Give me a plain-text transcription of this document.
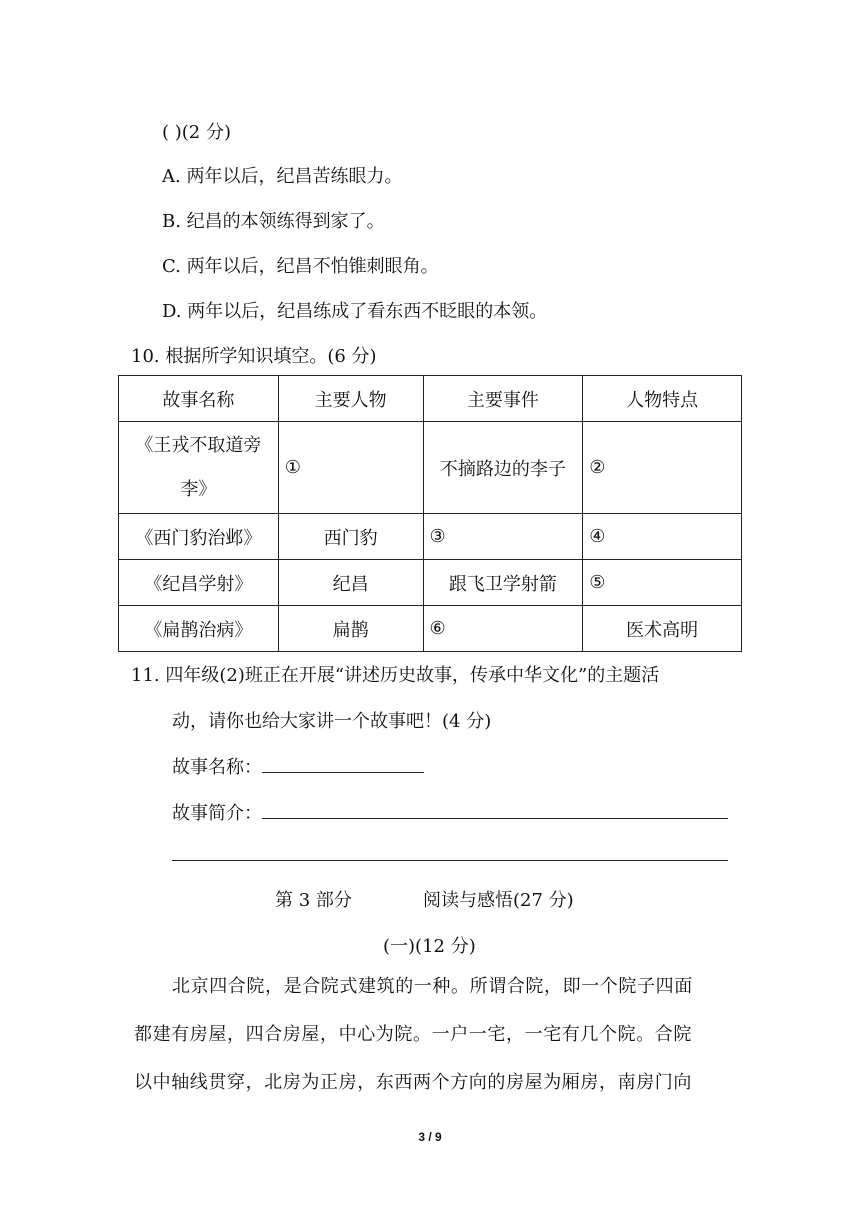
( )(2 分)
A. 两年以后，纪昌苦练眼力。
B. 纪昌的本领练得到家了。
C. 两年以后，纪昌不怕锥刺眼角。
D. 两年以后，纪昌练成了看东西不眨眼的本领。
10. 根据所学知识填空。(6 分)
故事名称	主要人物	主要事件	人物特点

《王戎不取道旁
李》	①	不摘路边的李子	②
《西门豹治邺》	西门豹	③	④
《纪昌学射》	纪昌	跟飞卫学射箭	⑤
《扁鹊治病》	扁鹊	⑥	医术高明
11. 四年级(2)班正在开展“讲述历史故事，传承中华文化”的主题活
动，请你也给大家讲一个故事吧！(4 分)
故事名称：
故事简介：
第 3 部分	阅读与感悟(27 分)
(一)(12 分)
北京四合院，是合院式建筑的一种。所谓合院，即一个院子四面
都建有房屋，四合房屋，中心为院。一户一宅，一宅有几个院。合院
以中轴线贯穿，北房为正房，东西两个方向的房屋为厢房，南房门向
3 / 9
